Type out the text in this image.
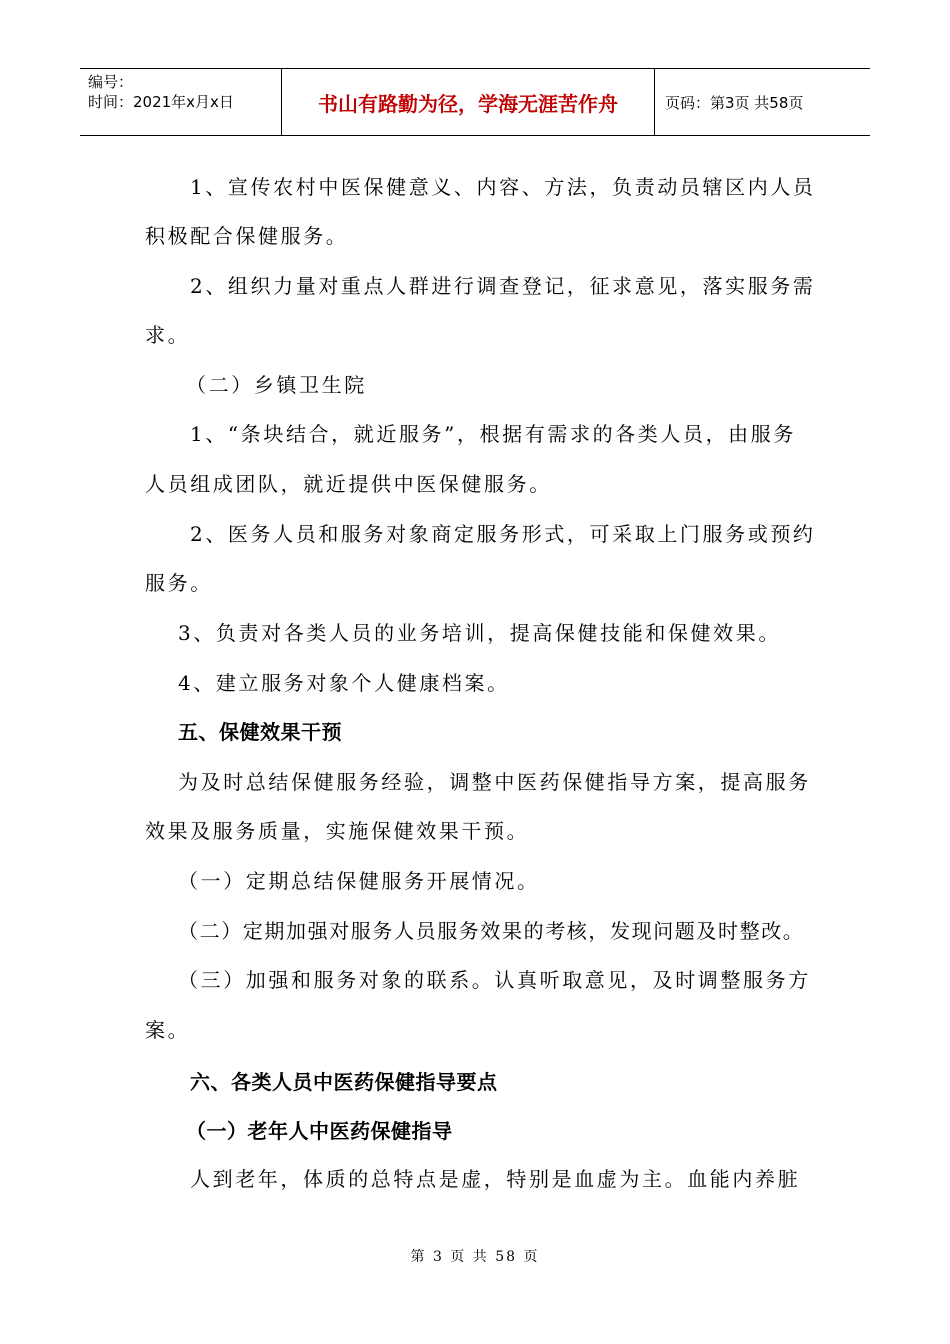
编号：
时间：2021年x月x日	书山有路勤为径，学海无涯苦作舟	页码：第3页 共58页
1、宣传农村中医保健意义、内容、方法，负责动员辖区内人员
积极配合保健服务。
2、组织力量对重点人群进行调查登记，征求意见，落实服务需
求。
（二）乡镇卫生院
1、“条块结合，就近服务”，根据有需求的各类人员，由服务
人员组成团队，就近提供中医保健服务。
2、医务人员和服务对象商定服务形式，可采取上门服务或预约
服务。
3、负责对各类人员的业务培训，提高保健技能和保健效果。
4、建立服务对象个人健康档案。
五、保健效果干预
为及时总结保健服务经验，调整中医药保健指导方案，提高服务
效果及服务质量，实施保健效果干预。
（一）定期总结保健服务开展情况。
（二）定期加强对服务人员服务效果的考核，发现问题及时整改。
（三）加强和服务对象的联系。认真听取意见，及时调整服务方
案。
六、各类人员中医药保健指导要点
（一）老年人中医药保健指导
人到老年，体质的总特点是虚，特别是血虚为主。血能内养脏
第 3 页 共 58 页
